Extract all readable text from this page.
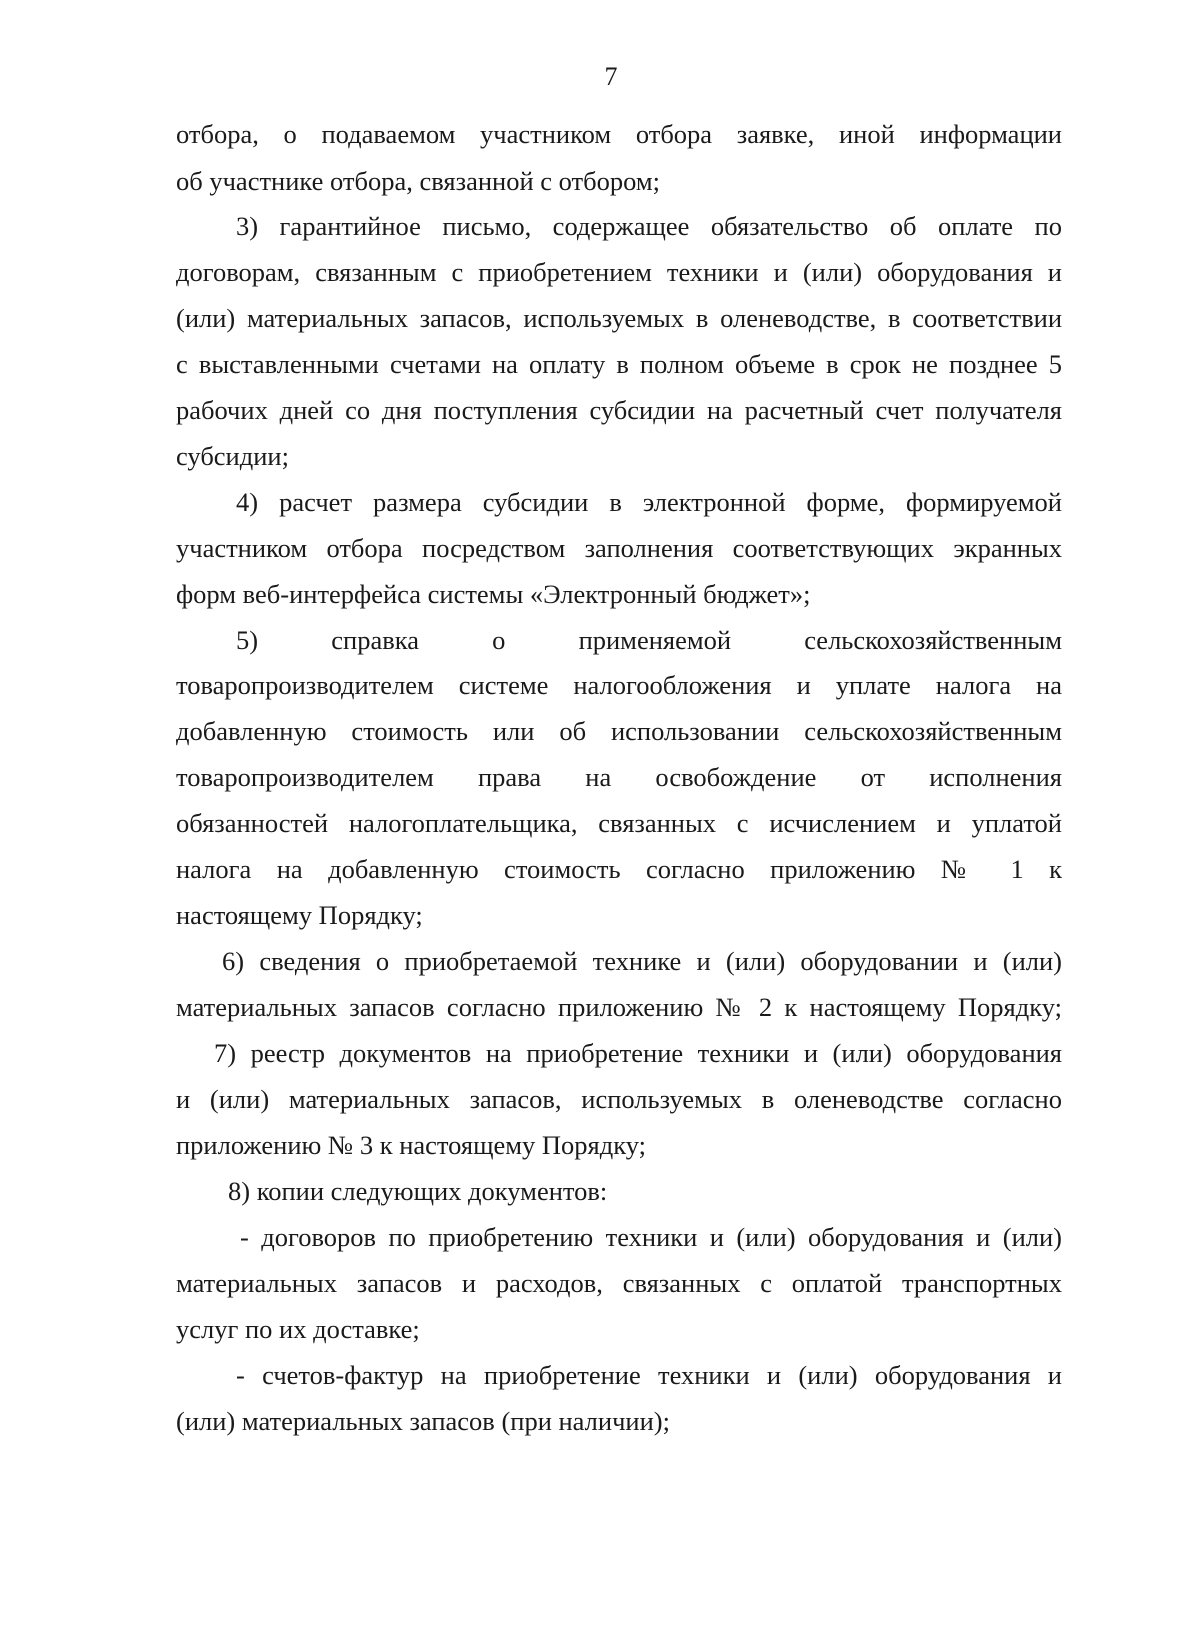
7
отбора, о подаваемом участником отбора заявке, иной информации
об участнике отбора, связанной с отбором;
3) гарантийное письмо, содержащее обязательство об оплате по
договорам, связанным с приобретением техники и (или) оборудования и
(или) материальных запасов, используемых в оленеводстве, в соответствии
с выставленными счетами на оплату в полном объеме в срок не позднее 5
рабочих дней со дня поступления субсидии на расчетный счет получателя
субсидии;
4) расчет размера субсидии в электронной форме, формируемой
участником отбора посредством заполнения соответствующих экранных
форм веб-интерфейса системы «Электронный бюджет»;
5) справка о применяемой сельскохозяйственным
товаропроизводителем системе налогообложения и уплате налога на
добавленную стоимость или об использовании сельскохозяйственным
товаропроизводителем права на освобождение от исполнения
обязанностей налогоплательщика, связанных с исчислением и уплатой
налога на добавленную стоимость согласно приложению № 1 к
настоящему Порядку;
6) сведения о приобретаемой технике и (или) оборудовании и (или)
материальных запасов согласно приложению № 2 к настоящему Порядку;
7) реестр документов на приобретение техники и (или) оборудования
и (или) материальных запасов, используемых в оленеводстве согласно
приложению № 3 к настоящему Порядку;
8) копии следующих документов:
- договоров по приобретению техники и (или) оборудования и (или)
материальных запасов и расходов, связанных с оплатой транспортных
услуг по их доставке;
- счетов-фактур на приобретение техники и (или) оборудования и
(или) материальных запасов (при наличии);
